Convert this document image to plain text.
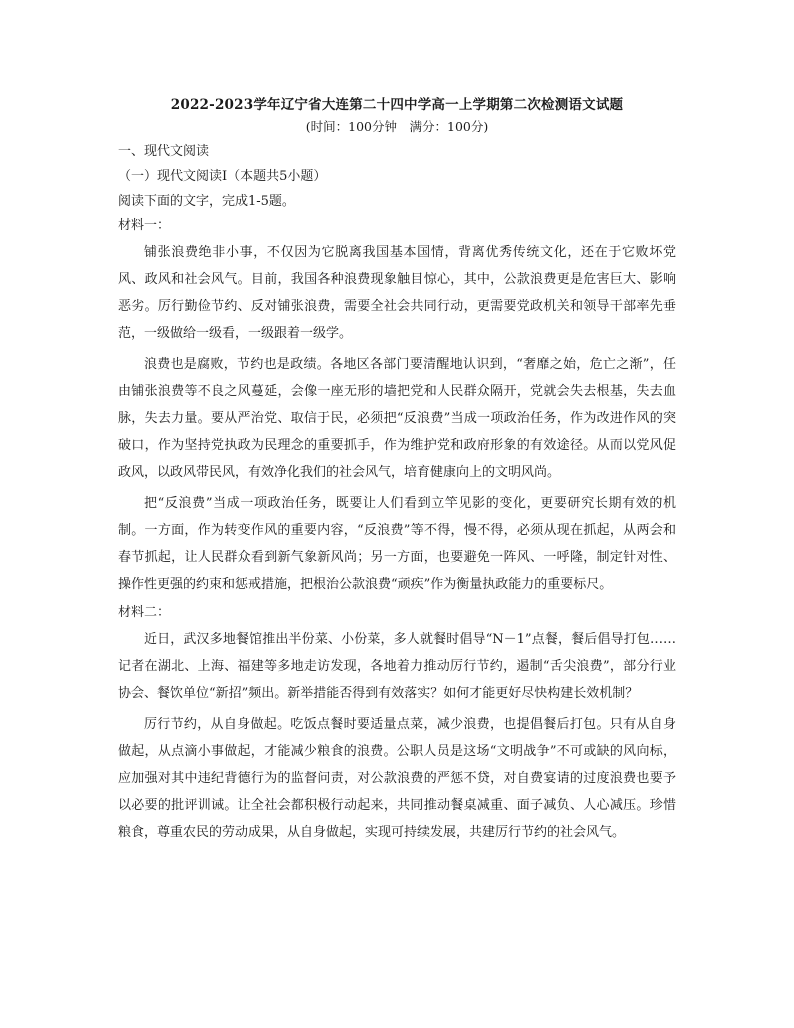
2022-2023学年辽宁省大连第二十四中学高一上学期第二次检测语文试题
(时间：100分钟　满分：100分)
一、现代文阅读
（一）现代文阅读Ⅰ（本题共5小题）
阅读下面的文字，完成1-5题。
材料一：

铺张浪费绝非小事，不仅因为它脱离我国基本国情，背离优秀传统文化，还在于它败坏党风、政风和社会风气。目前，我国各种浪费现象触目惊心，其中，公款浪费更是危害巨大、影响恶劣。厉行勤俭节约、反对铺张浪费，需要全社会共同行动，更需要党政机关和领导干部率先垂范，一级做给一级看，一级跟着一级学。

浪费也是腐败，节约也是政绩。各地区各部门要清醒地认识到，“奢靡之始，危亡之渐”，任由铺张浪费等不良之风蔓延，会像一座无形的墙把党和人民群众隔开，党就会失去根基，失去血脉，失去力量。要从严治党、取信于民，必须把“反浪费”当成一项政治任务，作为改进作风的突破口，作为坚持党执政为民理念的重要抓手，作为维护党和政府形象的有效途径。从而以党风促政风，以政风带民风，有效净化我们的社会风气，培育健康向上的文明风尚。

把“反浪费”当成一项政治任务，既要让人们看到立竿见影的变化，更要研究长期有效的机制。一方面，作为转变作风的重要内容，“反浪费”等不得，慢不得，必须从现在抓起，从两会和春节抓起，让人民群众看到新气象新风尚；另一方面，也要避免一阵风、一呼隆，制定针对性、操作性更强的约束和惩戒措施，把根治公款浪费“顽疾”作为衡量执政能力的重要标尺。

材料二：

近日，武汉多地餐馆推出半份菜、小份菜，多人就餐时倡导“N－1”点餐，餐后倡导打包……记者在湖北、上海、福建等多地走访发现，各地着力推动厉行节约，遏制“舌尖浪费”，部分行业协会、餐饮单位“新招”频出。新举措能否得到有效落实？如何才能更好尽快构建长效机制？

厉行节约，从自身做起。吃饭点餐时要适量点菜，减少浪费，也提倡餐后打包。只有从自身做起，从点滴小事做起，才能减少粮食的浪费。公职人员是这场“文明战争”不可或缺的风向标，应加强对其中违纪背德行为的监督问责，对公款浪费的严惩不贷，对自费宴请的过度浪费也要予以必要的批评训诫。让全社会都积极行动起来，共同推动餐桌减重、面子减负、人心减压。珍惜粮食，尊重农民的劳动成果，从自身做起，实现可持续发展，共建厉行节约的社会风气。
